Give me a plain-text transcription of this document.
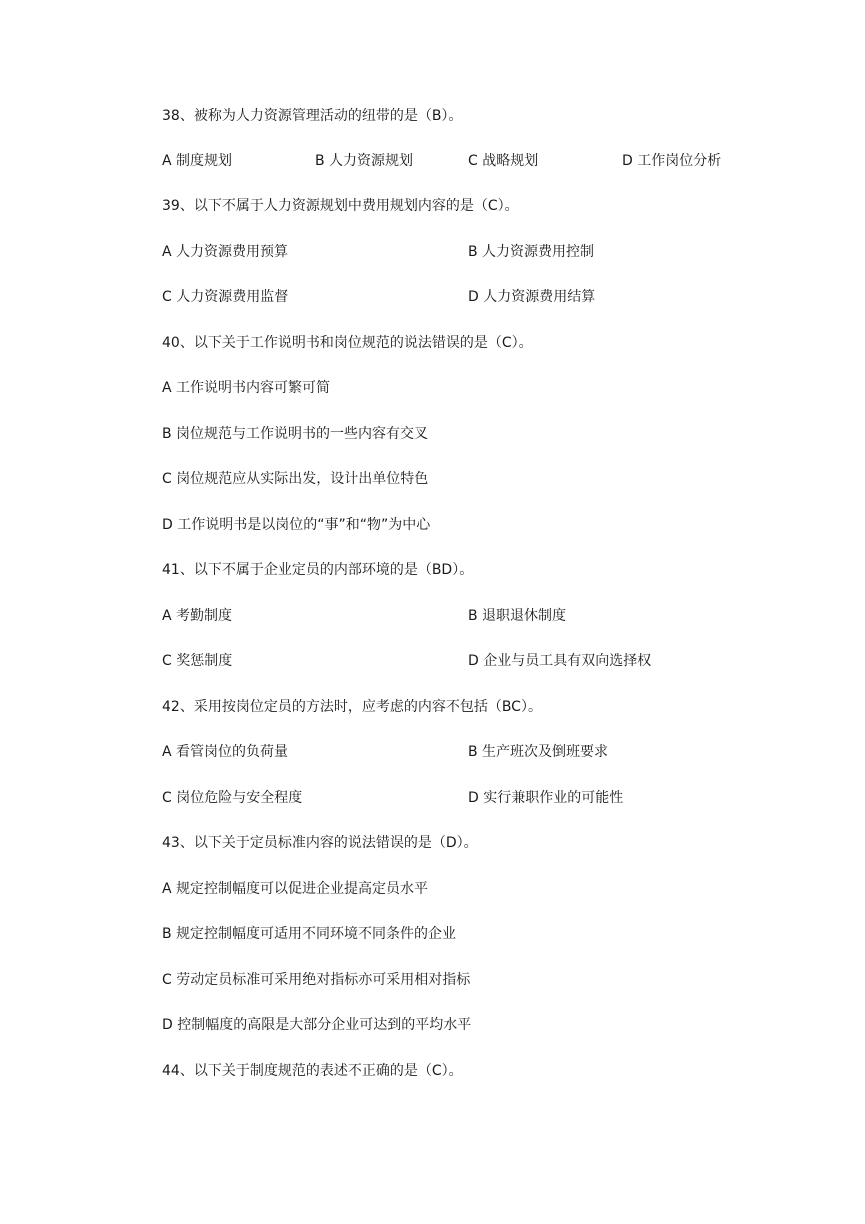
38、被称为人力资源管理活动的纽带的是（B）。
A 制度规划	B 人力资源规划	C 战略规划	D 工作岗位分析
39、以下不属于人力资源规划中费用规划内容的是（C）。
A 人力资源费用预算	B 人力资源费用控制
C 人力资源费用监督	D 人力资源费用结算
40、以下关于工作说明书和岗位规范的说法错误的是（C）。
A 工作说明书内容可繁可简
B 岗位规范与工作说明书的一些内容有交叉
C 岗位规范应从实际出发，设计出单位特色
D 工作说明书是以岗位的“事”和“物”为中心
41、以下不属于企业定员的内部环境的是（BD）。
A 考勤制度	B 退职退休制度
C 奖惩制度	D 企业与员工具有双向选择权
42、采用按岗位定员的方法时，应考虑的内容不包括（BC）。
A 看管岗位的负荷量	B 生产班次及倒班要求
C 岗位危险与安全程度	D 实行兼职作业的可能性
43、以下关于定员标准内容的说法错误的是（D）。
A 规定控制幅度可以促进企业提高定员水平
B 规定控制幅度可适用不同环境不同条件的企业
C 劳动定员标准可采用绝对指标亦可采用相对指标
D 控制幅度的高限是大部分企业可达到的平均水平
44、以下关于制度规范的表述不正确的是（C）。
